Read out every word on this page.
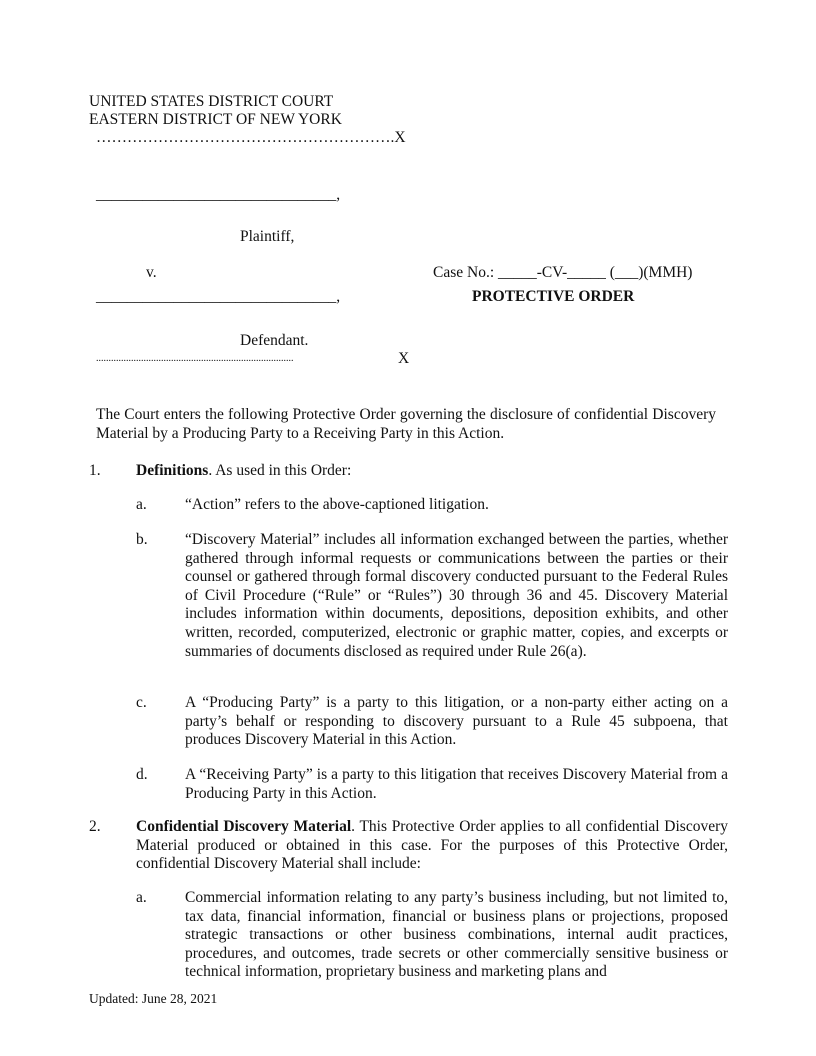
UNITED STATES DISTRICT COURT
EASTERN DISTRICT OF NEW YORK
………………………………………………….X
_______________________________,
Plaintiff,
v.
_______________________________,
Defendant.
...............................................................................	X
Case No.: _____-CV-_____ (___)(MMH)
PROTECTIVE ORDER
The Court enters the following Protective Order governing the disclosure of confidential Discovery Material by a Producing Party to a Receiving Party in this Action.
1. Definitions. As used in this Order:
a. “Action” refers to the above-captioned litigation.
b. “Discovery Material” includes all information exchanged between the parties, whether gathered through informal requests or communications between the parties or their counsel or gathered through formal discovery conducted pursuant to the Federal Rules of Civil Procedure (“Rule” or “Rules”) 30 through 36 and 45. Discovery Material includes information within documents, depositions, deposition exhibits, and other written, recorded, computerized, electronic or graphic matter, copies, and excerpts or summaries of documents disclosed as required under Rule 26(a).
c. A “Producing Party” is a party to this litigation, or a non-party either acting on a party’s behalf or responding to discovery pursuant to a Rule 45 subpoena, that produces Discovery Material in this Action.
d. A “Receiving Party” is a party to this litigation that receives Discovery Material from a Producing Party in this Action.
2. Confidential Discovery Material. This Protective Order applies to all confidential Discovery Material produced or obtained in this case. For the purposes of this Protective Order, confidential Discovery Material shall include:
a. Commercial information relating to any party’s business including, but not limited to, tax data, financial information, financial or business plans or projections, proposed strategic transactions or other business combinations, internal audit practices, procedures, and outcomes, trade secrets or other commercially sensitive business or technical information, proprietary business and marketing plans and
Updated: June 28, 2021
